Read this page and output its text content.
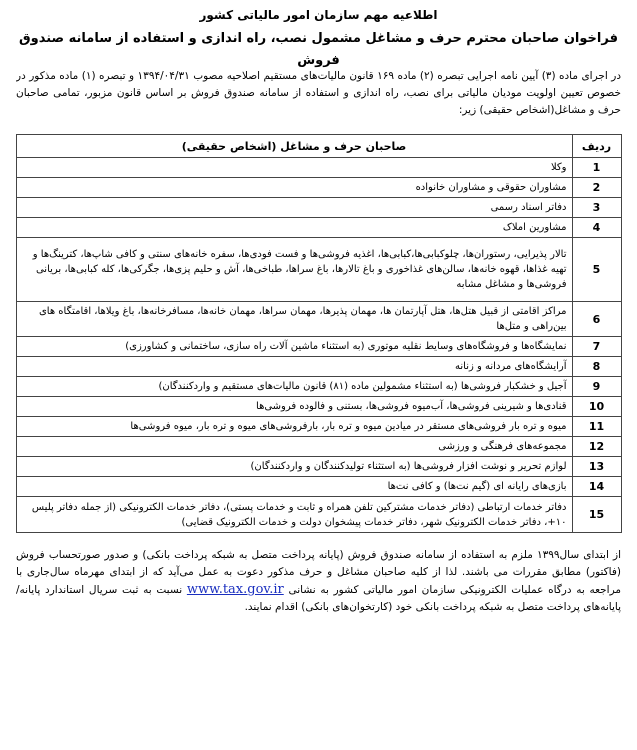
اطلاعیه مهم سازمان امور مالیاتی کشور
فراخوان صاحبان محترم حرف و مشاغل مشمول نصب، راه اندازی و استفاده از سامانه صندوق فروش
در اجرای ماده (۳) آیین نامه اجرایی تبصره (۲) ماده ۱۶۹ قانون مالیات‌های مستقیم اصلاحیه مصوب ۱۳۹۴/۰۴/۳۱ و تبصره (۱) ماده مذکور در خصوص تعیین اولویت مودیان مالیاتی برای نصب، راه اندازی و استفاده از سامانه صندوق فروش بر اساس قانون مزبور، تمامی صاحبان حرف و مشاغل(اشخاص حقیقی) زیر:
ردیف	صاحبان حرف و مشاغل (اشخاص حقیقی)
1	وکلا
2	مشاوران حقوقی و مشاوران خانواده
3	دفاتر اسناد رسمی
4	مشاورین املاک
5	تالار پذیرایی، رستوران‌ها، چلوکبابی‌ها،کبابی‌ها، اغذیه فروشی‌ها و فست فودی‌ها، سفره خانه‌های سنتی و کافی شاپ‌ها، کترینگ‌ها و تهیه غذاها، قهوه خانه‌ها، سالن‌های غذاخوری و باغ تالارها، باغ سراها، طباخی‌ها، آش و حلیم پزی‌ها، جگرکی‌ها، کله کبابی‌ها، بریانی فروشی‌ها و مشاغل مشابه
6	مراکز اقامتی از قبیل هتل‌ها، هتل آپارتمان ها، مهمان پذیرها، مهمان سراها، مهمان خانه‌ها، مسافرخانه‌ها، باغ ویلاها، اقامتگاه های بین‌راهی و متل‌ها
7	نمایشگاه‌ها و فروشگاه‌های وسایط نقلیه موتوری (به استثناء ماشین آلات راه سازی، ساختمانی و کشاورزی)
8	آرایشگاه‌های مردانه و زنانه
9	آجیل و خشکبار فروشی‌ها (به استثناء مشمولین ماده (۸۱) قانون مالیات‌های مستقیم و واردکنندگان)
10	قنادی‌ها و شیرینی فروشی‌ها، آب‌میوه فروشی‌ها، بستنی و فالوده فروشی‌ها
11	میوه و تره بار فروشی‌های مستقر در میادین میوه و تره بار، بارفروشی‌های میوه و تره بار، میوه فروشی‌ها
12	مجموعه‌های فرهنگی و ورزشی
13	لوازم تحریر و نوشت افزار فروشی‌ها (به استثناء تولیدکنندگان و واردکنندگان)
14	بازی‌های رایانه ای (گیم نت‌ها) و کافی نت‌ها
15	دفاتر خدمات ارتباطی (دفاتر خدمات مشترکین تلفن همراه و ثابت و خدمات پستی)، دفاتر خدمات الکترونیکی (از جمله دفاتر پلیس ۱۰+، دفاتر خدمات الکترونیک شهر، دفاتر خدمات پیشخوان دولت و خدمات الکترونیک قضایی)
از ابتدای سال۱۳۹۹ ملزم به استفاده از سامانه صندوق فروش (پایانه پرداخت متصل به شبکه پرداخت بانکی) و صدور صورتحساب فروش (فاکتور) مطابق مقررات می باشند. لذا از کلیه صاحبان مشاغل و حرف مذکور دعوت به عمل می‌آید که از ابتدای مهرماه سال‌جاری با مراجعه به درگاه عملیات الکترونیکی سازمان امور مالیاتی کشور به نشانی www.tax.gov.ir نسبت به ثبت سریال استاندارد پایانه/پایانه‌های پرداخت متصل به شبکه پرداخت بانکی خود (کارتخوان‌های بانکی) اقدام نمایند.
